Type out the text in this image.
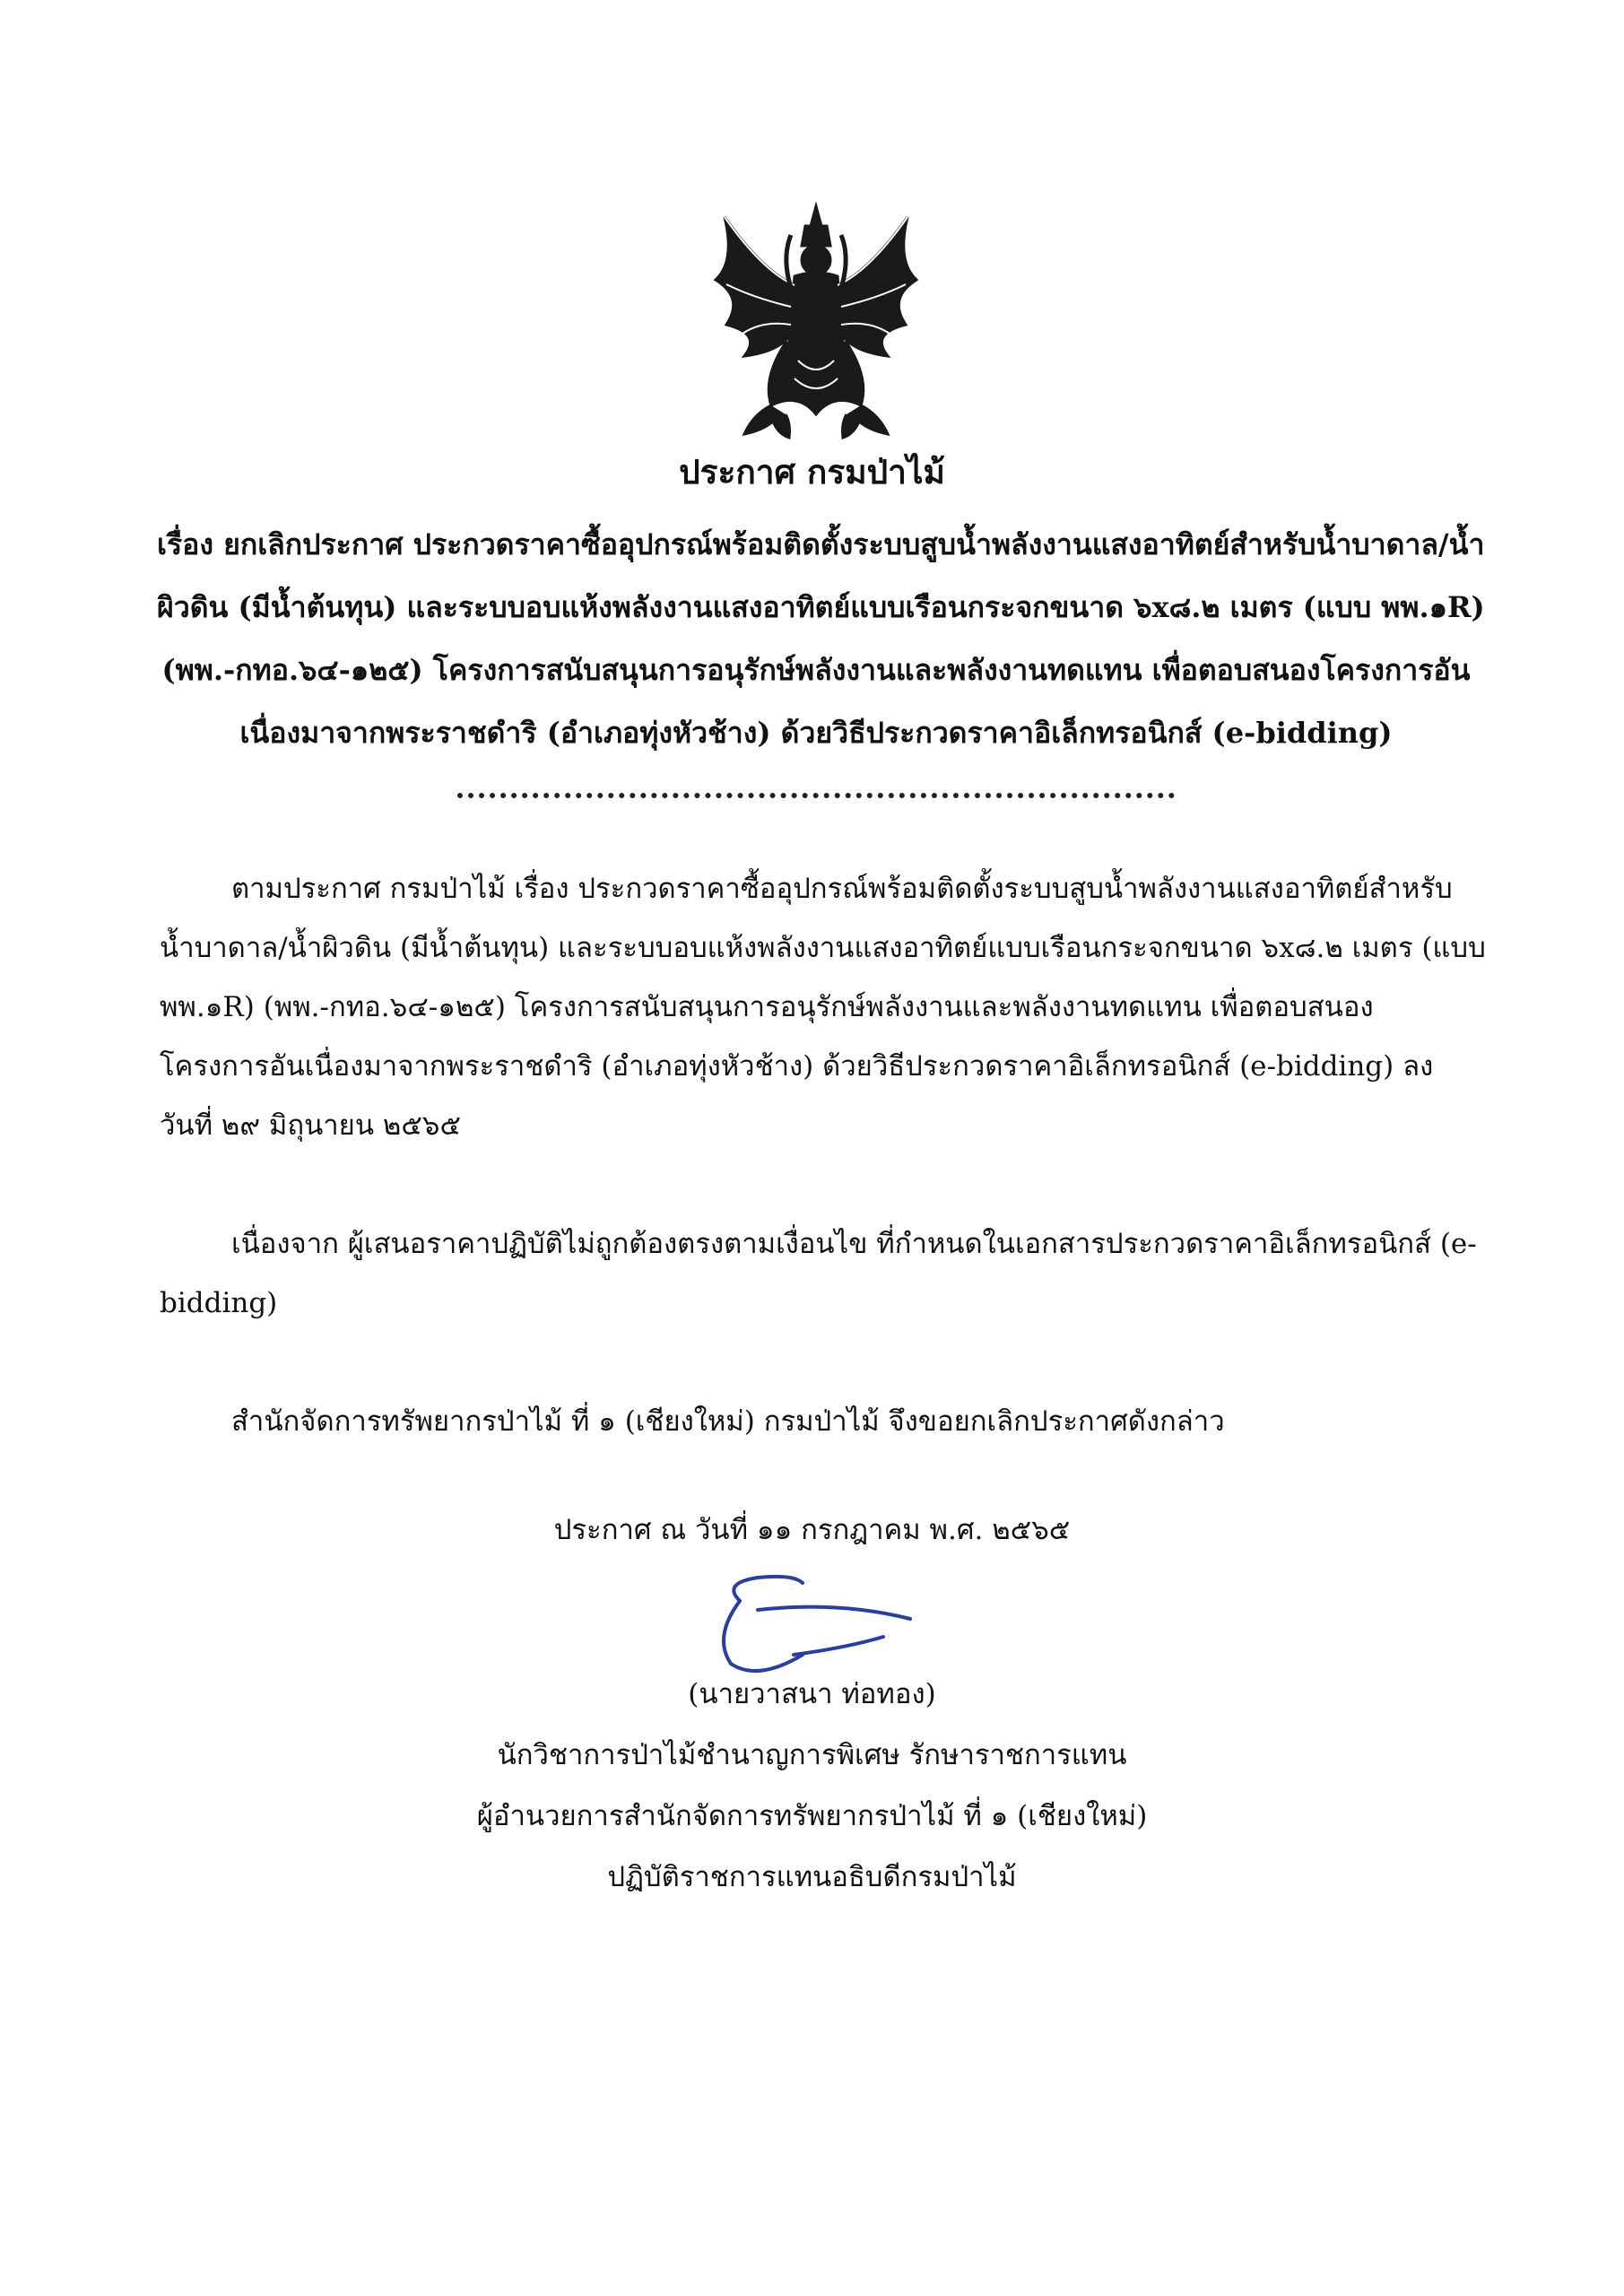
ประกาศ กรมป่าไม้
เรื่อง ยกเลิกประกาศ ประกวดราคาซื้ออุปกรณ์พร้อมติดตั้งระบบสูบน้ำพลังงานแสงอาทิตย์สำหรับน้ำบาดาล/น้ำ
ผิวดิน (มีน้ำต้นทุน) และระบบอบแห้งพลังงานแสงอาทิตย์แบบเรือนกระจกขนาด ๖x๘.๒ เมตร (แบบ พพ.๑R)
(พพ.-กทอ.๖๔-๑๒๕) โครงการสนับสนุนการอนุรักษ์พลังงานและพลังงานทดแทน เพื่อตอบสนองโครงการอัน
เนื่องมาจากพระราชดำริ (อำเภอทุ่งหัวช้าง) ด้วยวิธีประกวดราคาอิเล็กทรอนิกส์ (e-bidding)
ตามประกาศ กรมป่าไม้ เรื่อง ประกวดราคาซื้ออุปกรณ์พร้อมติดตั้งระบบสูบน้ำพลังงานแสงอาทิตย์สำหรับ
น้ำบาดาล/น้ำผิวดิน (มีน้ำต้นทุน) และระบบอบแห้งพลังงานแสงอาทิตย์แบบเรือนกระจกขนาด ๖x๘.๒ เมตร (แบบ
พพ.๑R) (พพ.-กทอ.๖๔-๑๒๕) โครงการสนับสนุนการอนุรักษ์พลังงานและพลังงานทดแทน เพื่อตอบสนอง
โครงการอันเนื่องมาจากพระราชดำริ (อำเภอทุ่งหัวช้าง) ด้วยวิธีประกวดราคาอิเล็กทรอนิกส์ (e-bidding) ลง
วันที่ ๒๙ มิถุนายน ๒๕๖๕
เนื่องจาก ผู้เสนอราคาปฏิบัติไม่ถูกต้องตรงตามเงื่อนไข ที่กำหนดในเอกสารประกวดราคาอิเล็กทรอนิกส์ (e-
bidding)
สำนักจัดการทรัพยากรป่าไม้ ที่ ๑ (เชียงใหม่) กรมป่าไม้ จึงขอยกเลิกประกาศดังกล่าว
ประกาศ ณ วันที่ ๑๑ กรกฎาคม พ.ศ. ๒๕๖๕
(นายวาสนา ท่อทอง)
นักวิชาการป่าไม้ชำนาญการพิเศษ รักษาราชการแทน
ผู้อำนวยการสำนักจัดการทรัพยากรป่าไม้ ที่ ๑ (เชียงใหม่)
ปฏิบัติราชการแทนอธิบดีกรมป่าไม้
